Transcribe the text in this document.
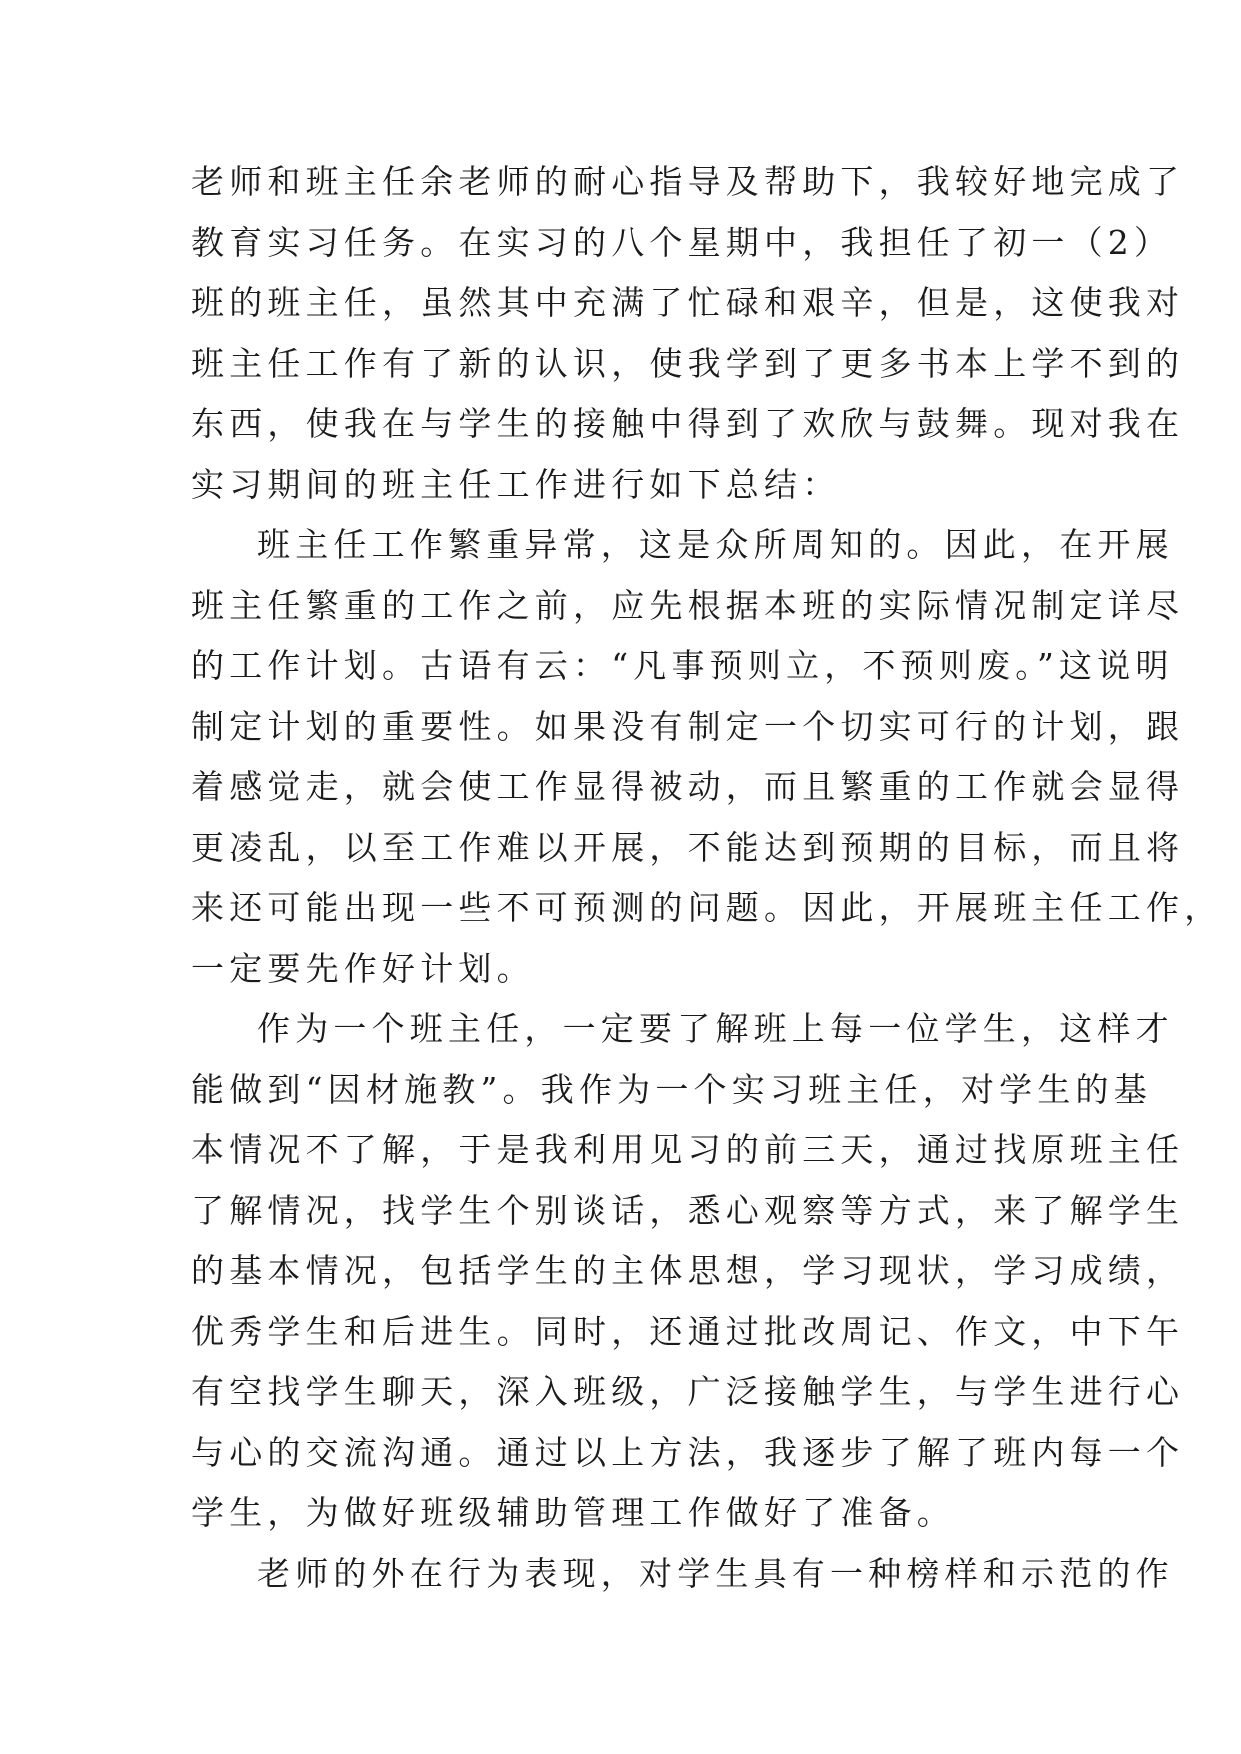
老师和班主任余老师的耐心指导及帮助下，我较好地完成了

教育实习任务。在实习的八个星期中，我担任了初一（2）

班的班主任，虽然其中充满了忙碌和艰辛，但是，这使我对

班主任工作有了新的认识，使我学到了更多书本上学不到的

东西，使我在与学生的接触中得到了欢欣与鼓舞。现对我在

实习期间的班主任工作进行如下总结：

班主任工作繁重异常，这是众所周知的。因此，在开展

班主任繁重的工作之前，应先根据本班的实际情况制定详尽

的工作计划。古语有云：“凡事预则立，不预则废。”这说明

制定计划的重要性。如果没有制定一个切实可行的计划，跟

着感觉走，就会使工作显得被动，而且繁重的工作就会显得

更凌乱，以至工作难以开展，不能达到预期的目标，而且将

来还可能出现一些不可预测的问题。因此，开展班主任工作，

一定要先作好计划。

作为一个班主任，一定要了解班上每一位学生，这样才

能做到“因材施教”。我作为一个实习班主任，对学生的基

本情况不了解，于是我利用见习的前三天，通过找原班主任

了解情况，找学生个别谈话，悉心观察等方式，来了解学生

的基本情况，包括学生的主体思想，学习现状，学习成绩，

优秀学生和后进生。同时，还通过批改周记、作文，中下午

有空找学生聊天，深入班级，广泛接触学生，与学生进行心

与心的交流沟通。通过以上方法，我逐步了解了班内每一个

学生，为做好班级辅助管理工作做好了准备。

老师的外在行为表现，对学生具有一种榜样和示范的作
